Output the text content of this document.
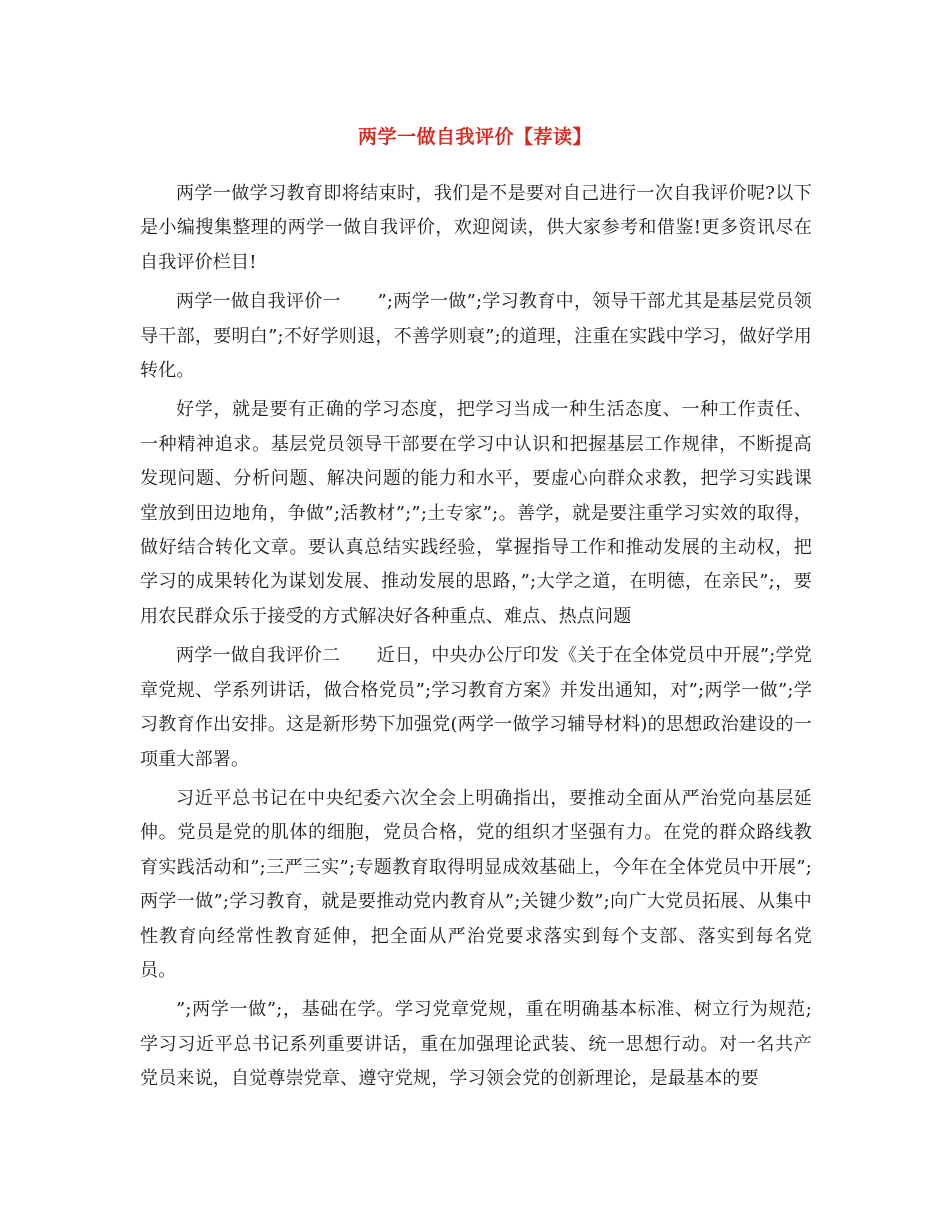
两学一做自我评价【荐读】

两学一做学习教育即将结束时，我们是不是要对自己进行一次自我评价呢?以下是小编搜集整理的两学一做自我评价，欢迎阅读，供大家参考和借鉴!更多资讯尽在自我评价栏目!

两学一做自我评价一　　”;两学一做”;学习教育中，领导干部尤其是基层党员领导干部，要明白”;不好学则退，不善学则衰”;的道理，注重在实践中学习，做好学用转化。

好学，就是要有正确的学习态度，把学习当成一种生活态度、一种工作责任、一种精神追求。基层党员领导干部要在学习中认识和把握基层工作规律，不断提高发现问题、分析问题、解决问题的能力和水平，要虚心向群众求教，把学习实践课堂放到田边地角，争做”;活教材”;”;土专家”;。善学，就是要注重学习实效的取得，做好结合转化文章。要认真总结实践经验，掌握指导工作和推动发展的主动权，把学习的成果转化为谋划发展、推动发展的思路，”;大学之道，在明德，在亲民”;，要用农民群众乐于接受的方式解决好各种重点、难点、热点问题

两学一做自我评价二　　近日，中央办公厅印发《关于在全体党员中开展”;学党章党规、学系列讲话，做合格党员”;学习教育方案》并发出通知，对”;两学一做”;学习教育作出安排。这是新形势下加强党(两学一做学习辅导材料)的思想政治建设的一项重大部署。

习近平总书记在中央纪委六次全会上明确指出，要推动全面从严治党向基层延伸。党员是党的肌体的细胞，党员合格，党的组织才坚强有力。在党的群众路线教育实践活动和”;三严三实”;专题教育取得明显成效基础上，今年在全体党员中开展”;两学一做”;学习教育，就是要推动党内教育从”;关键少数”;向广大党员拓展、从集中性教育向经常性教育延伸，把全面从严治党要求落实到每个支部、落实到每名党员。

”;两学一做”;，基础在学。学习党章党规，重在明确基本标准、树立行为规范;学习习近平总书记系列重要讲话，重在加强理论武装、统一思想行动。对一名共产党员来说，自觉尊崇党章、遵守党规，学习领会党的创新理论，是最基本的要
